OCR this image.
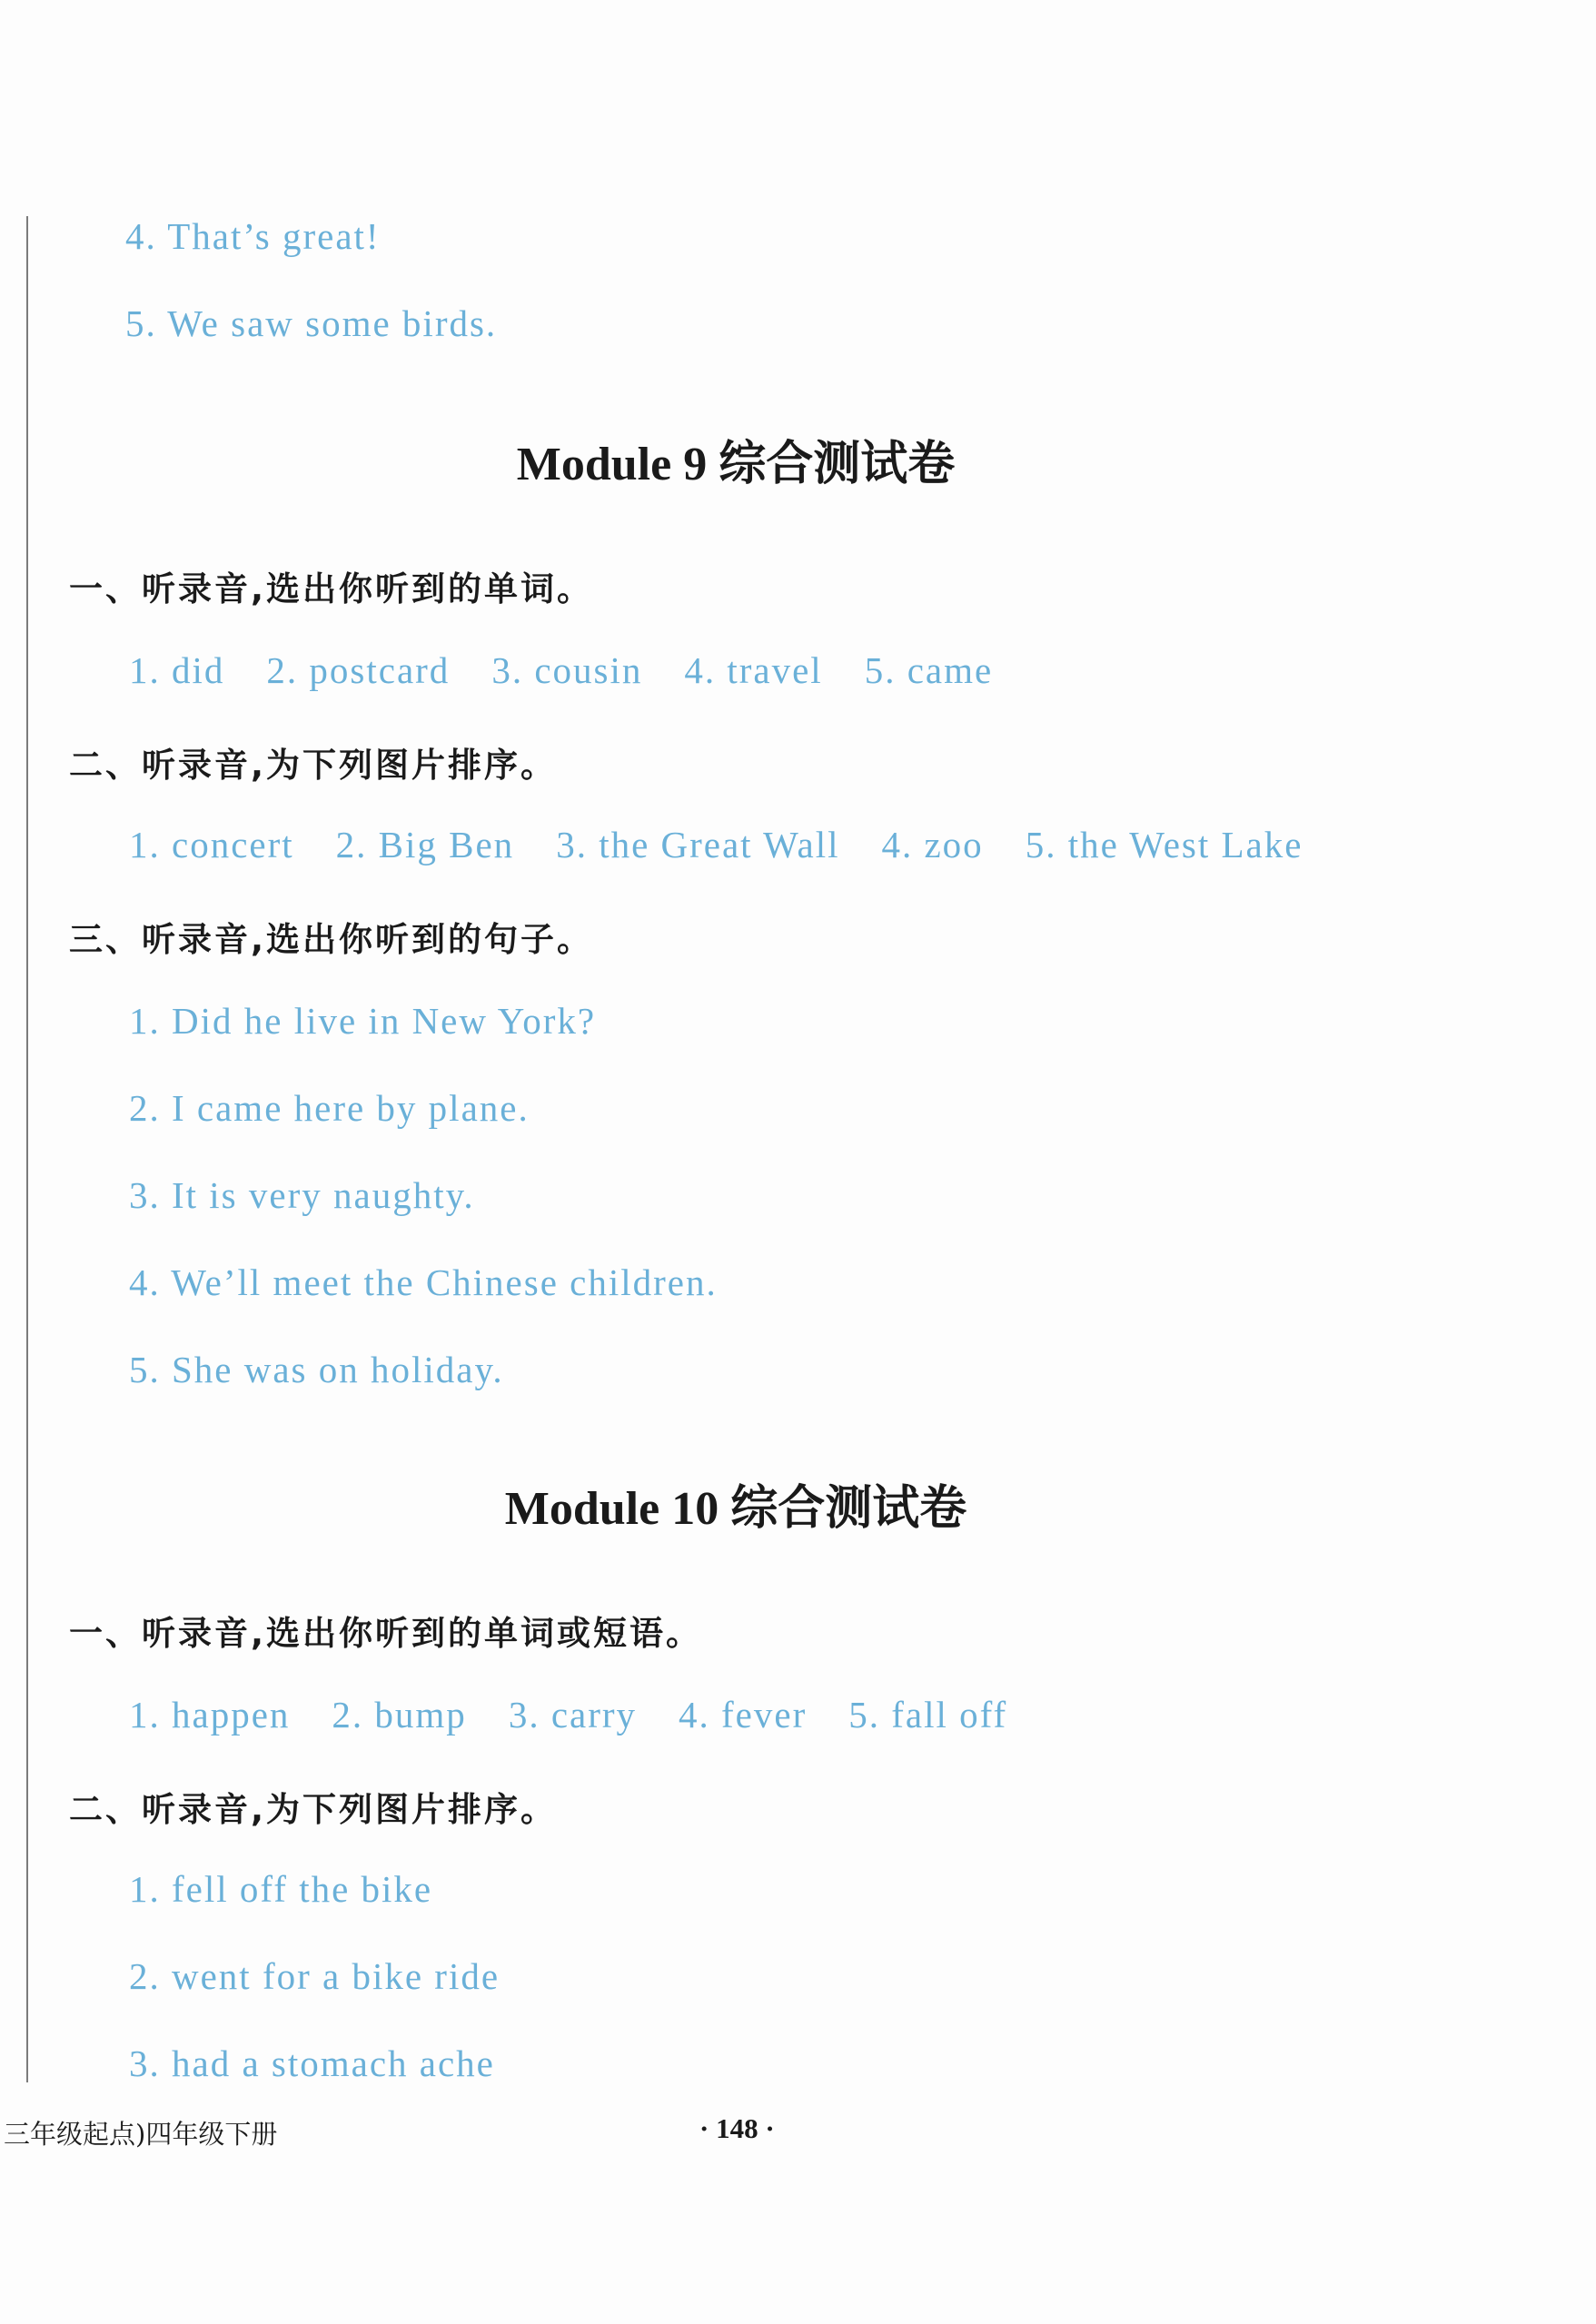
4. That’s great!
5. We saw some birds.
Module 9 综合测试卷
一、听录音,选出你听到的单词。
1. did 2. postcard 3. cousin 4. travel 5. came
二、听录音,为下列图片排序。
1. concert 2. Big Ben 3. the Great Wall 4. zoo 5. the West Lake
三、听录音,选出你听到的句子。
1. Did he live in New York?
2. I came here by plane.
3. It is very naughty.
4. We’ll meet the Chinese children.
5. She was on holiday.
Module 10 综合测试卷
一、听录音,选出你听到的单词或短语。
1. happen 2. bump 3. carry 4. fever 5. fall off
二、听录音,为下列图片排序。
1. fell off the bike
2. went for a bike ride
3. had a stomach ache
三年级起点)四年级下册	· 148 ·
